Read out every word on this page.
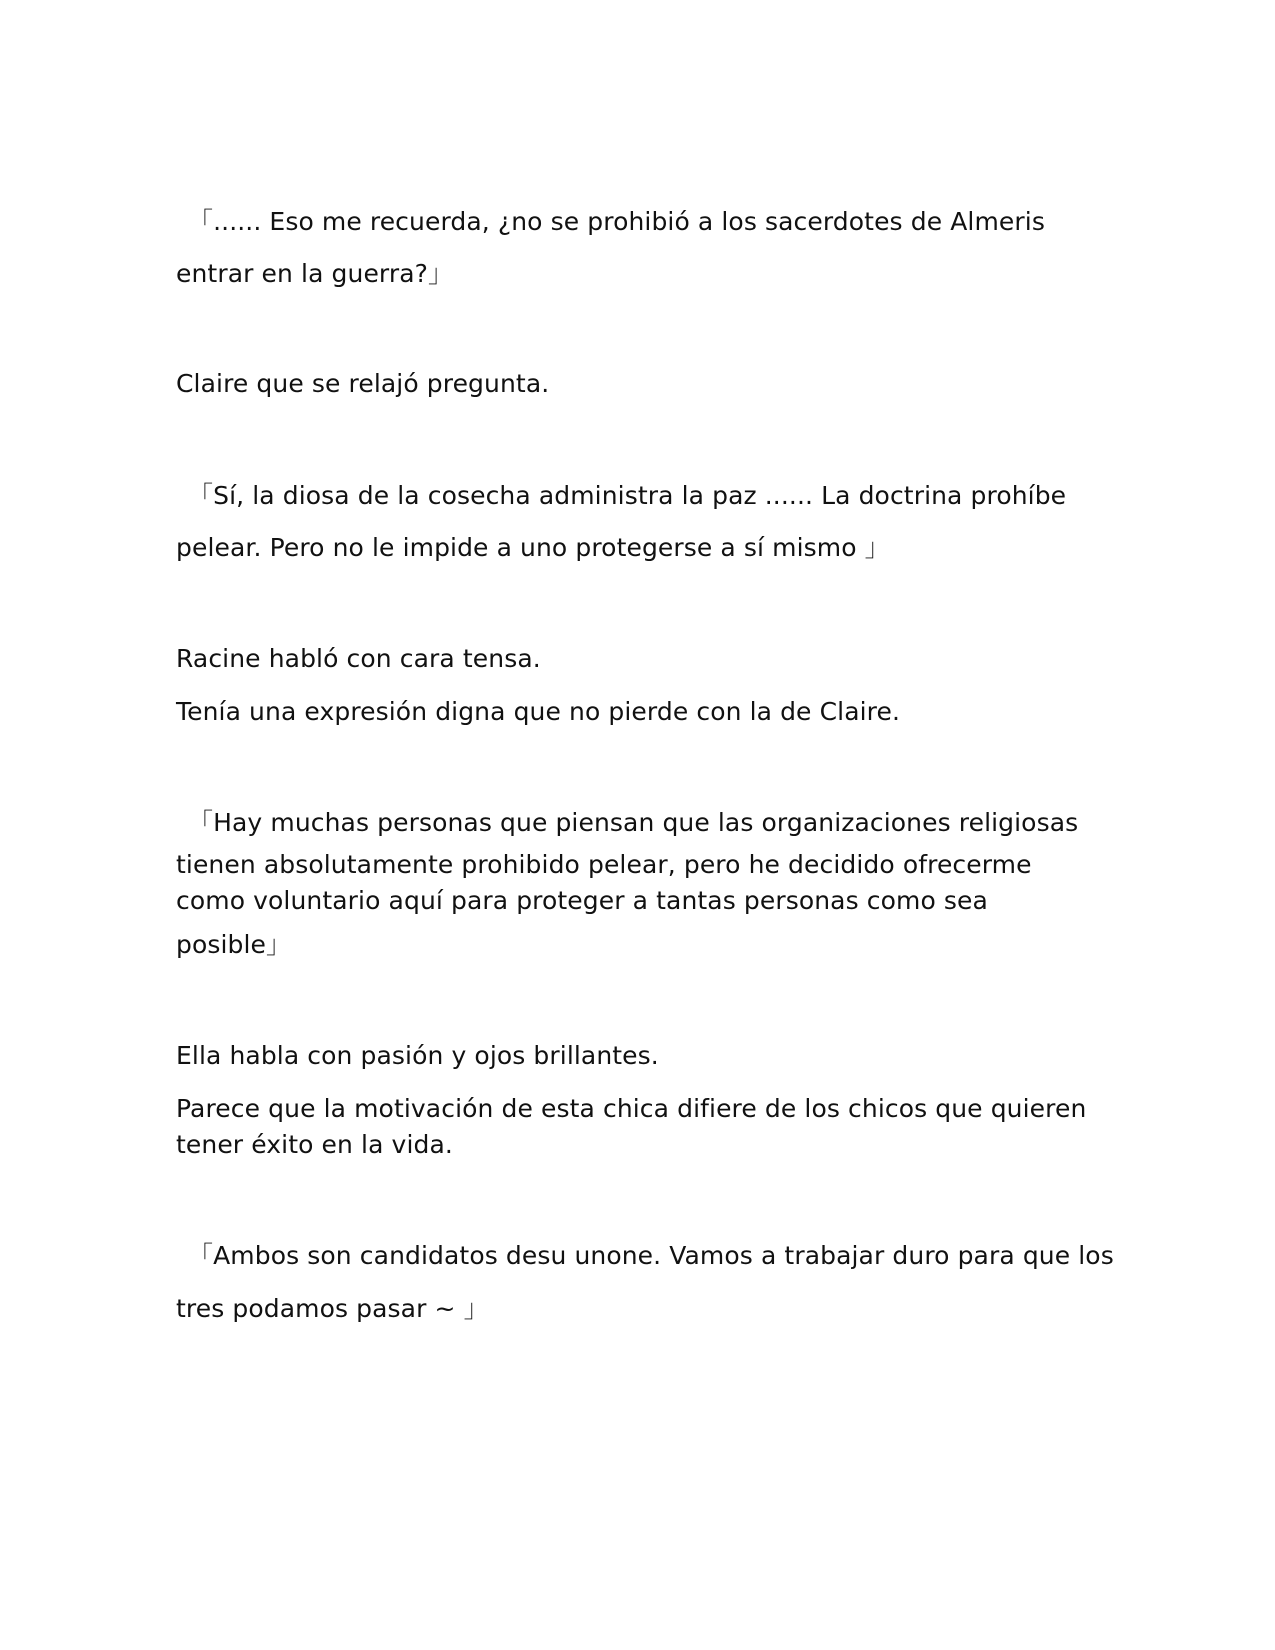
「...... Eso me recuerda, ¿no se prohibió a los sacerdotes de Almeris

entrar en la guerra?」

Claire que se relajó pregunta.

「Sí, la diosa de la cosecha administra la paz ...... La doctrina prohíbe

pelear. Pero no le impide a uno protegerse a sí mismo 」

Racine habló con cara tensa.

Tenía una expresión digna que no pierde con la de Claire.

「Hay muchas personas que piensan que las organizaciones religiosas

tienen absolutamente prohibido pelear, pero he decidido ofrecerme

como voluntario aquí para proteger a tantas personas como sea

posible」

Ella habla con pasión y ojos brillantes.

Parece que la motivación de esta chica difiere de los chicos que quieren

tener éxito en la vida.

「Ambos son candidatos desu unone. Vamos a trabajar duro para que los

tres podamos pasar ~ 」
